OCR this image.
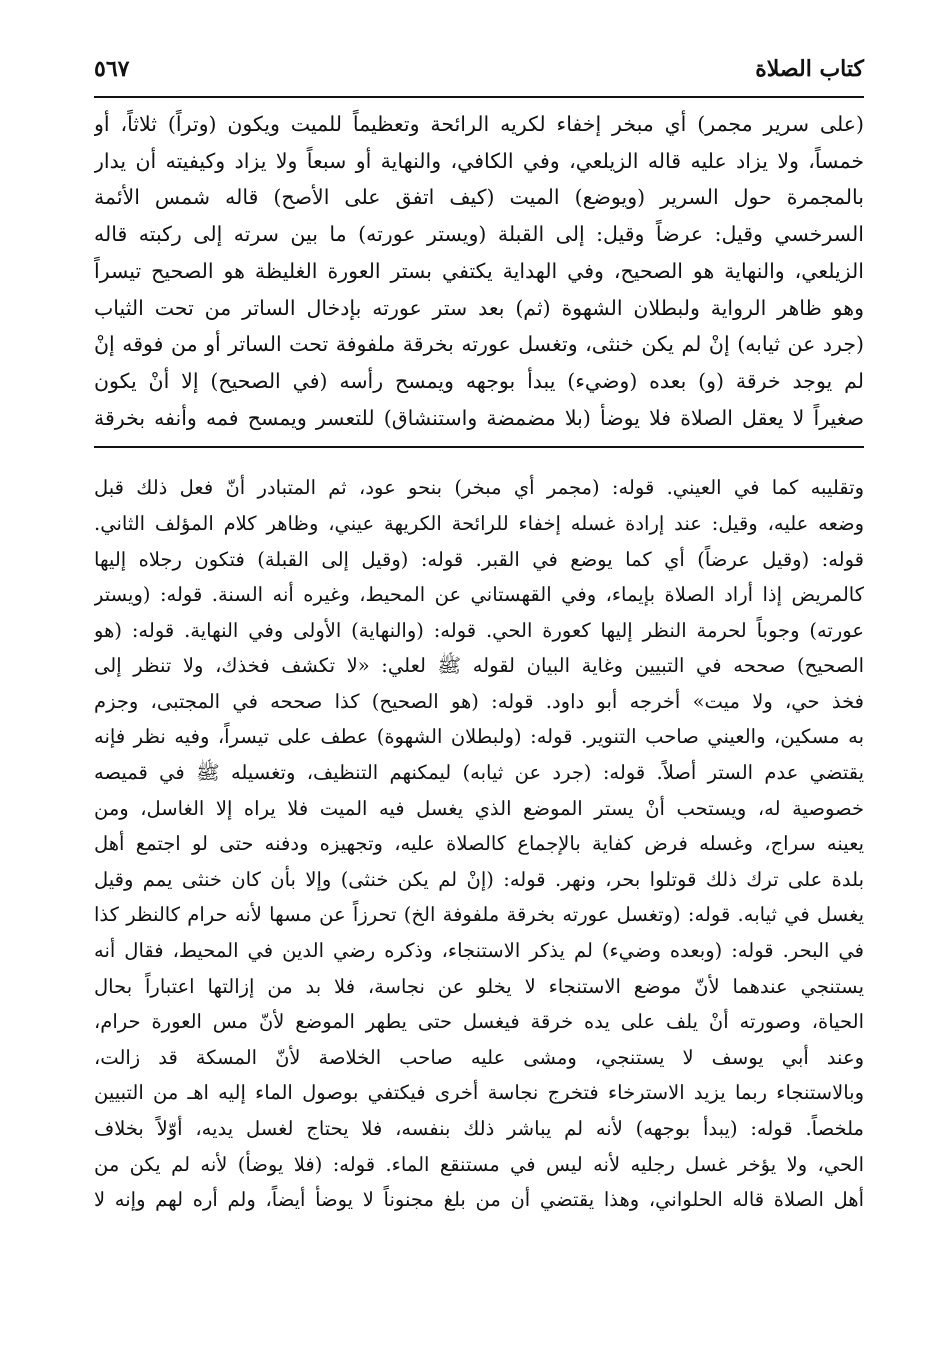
كتاب الصلاة
٥٦٧
(على سرير مجمر) أي مبخر إخفاء لكريه الرائحة وتعظيماً للميت ويكون (وتراً) ثلاثاً، أو
خمساً، ولا يزاد عليه قاله الزيلعي، وفي الكافي، والنهاية أو سبعاً ولا يزاد وكيفيته أن يدار
بالمجمرة حول السرير (ويوضع) الميت (كيف اتفق على الأصح) قاله شمس الأئمة
السرخسي وقيل: عرضاً وقيل: إلى القبلة (ويستر عورته) ما بين سرته إلى ركبته قاله
الزيلعي، والنهاية هو الصحيح، وفي الهداية يكتفي بستر العورة الغليظة هو الصحيح تيسراً
وهو ظاهر الرواية ولبطلان الشهوة (ثم) بعد ستر عورته بإدخال الساتر من تحت الثياب
(جرد عن ثيابه) إنْ لم يكن خنثى، وتغسل عورته بخرقة ملفوفة تحت الساتر أو من فوقه إنْ
لم يوجد خرقة (و) بعده (وضيء) يبدأ بوجهه ويمسح رأسه (في الصحيح) إلا أنْ يكون
صغيراً لا يعقل الصلاة فلا يوضأ (بلا مضمضة واستنشاق) للتعسر ويمسح فمه وأنفه بخرقة
وتقليبه كما في العيني. قوله: (مجمر أي مبخر) بنحو عود، ثم المتبادر أنّ فعل ذلك قبل
وضعه عليه، وقيل: عند إرادة غسله إخفاء للرائحة الكريهة عيني، وظاهر كلام المؤلف الثاني.
قوله: (وقيل عرضاً) أي كما يوضع في القبر. قوله: (وقيل إلى القبلة) فتكون رجلاه إليها
كالمريض إذا أراد الصلاة بإيماء، وفي القهستاني عن المحيط، وغيره أنه السنة. قوله: (ويستر
عورته) وجوباً لحرمة النظر إليها كعورة الحي. قوله: (والنهاية) الأولى وفي النهاية. قوله: (هو
الصحيح) صححه في التبيين وغاية البيان لقوله ﷺ لعلي: «لا تكشف فخذك، ولا تنظر إلى
فخذ حي، ولا ميت» أخرجه أبو داود. قوله: (هو الصحيح) كذا صححه في المجتبى، وجزم
به مسكين، والعيني صاحب التنوير. قوله: (ولبطلان الشهوة) عطف على تيسراً، وفيه نظر فإنه
يقتضي عدم الستر أصلاً. قوله: (جرد عن ثيابه) ليمكنهم التنظيف، وتغسيله ﷺ في قميصه
خصوصية له، ويستحب أنْ يستر الموضع الذي يغسل فيه الميت فلا يراه إلا الغاسل، ومن
يعينه سراج، وغسله فرض كفاية بالإجماع كالصلاة عليه، وتجهيزه ودفنه حتى لو اجتمع أهل
بلدة على ترك ذلك قوتلوا بحر، ونهر. قوله: (إنْ لم يكن خنثى) وإلا بأن كان خنثى يمم وقيل
يغسل في ثيابه. قوله: (وتغسل عورته بخرقة ملفوفة الخ) تحرزاً عن مسها لأنه حرام كالنظر كذا
في البحر. قوله: (وبعده وضيء) لم يذكر الاستنجاء، وذكره رضي الدين في المحيط، فقال أنه
يستنجي عندهما لأنّ موضع الاستنجاء لا يخلو عن نجاسة، فلا بد من إزالتها اعتباراً بحال
الحياة، وصورته أنْ يلف على يده خرقة فيغسل حتى يطهر الموضع لأنّ مس العورة حرام،
وعند أبي يوسف لا يستنجي، ومشى عليه صاحب الخلاصة لأنّ المسكة قد زالت،
وبالاستنجاء ربما يزيد الاسترخاء فتخرج نجاسة أخرى فيكتفي بوصول الماء إليه اهـ من التبيين
ملخصاً. قوله: (يبدأ بوجهه) لأنه لم يباشر ذلك بنفسه، فلا يحتاج لغسل يديه، أوّلاً بخلاف
الحي، ولا يؤخر غسل رجليه لأنه ليس في مستنقع الماء. قوله: (فلا يوضأ) لأنه لم يكن من
أهل الصلاة قاله الحلواني، وهذا يقتضي أن من بلغ مجنوناً لا يوضأ أيضاً، ولم أره لهم وإنه لا
